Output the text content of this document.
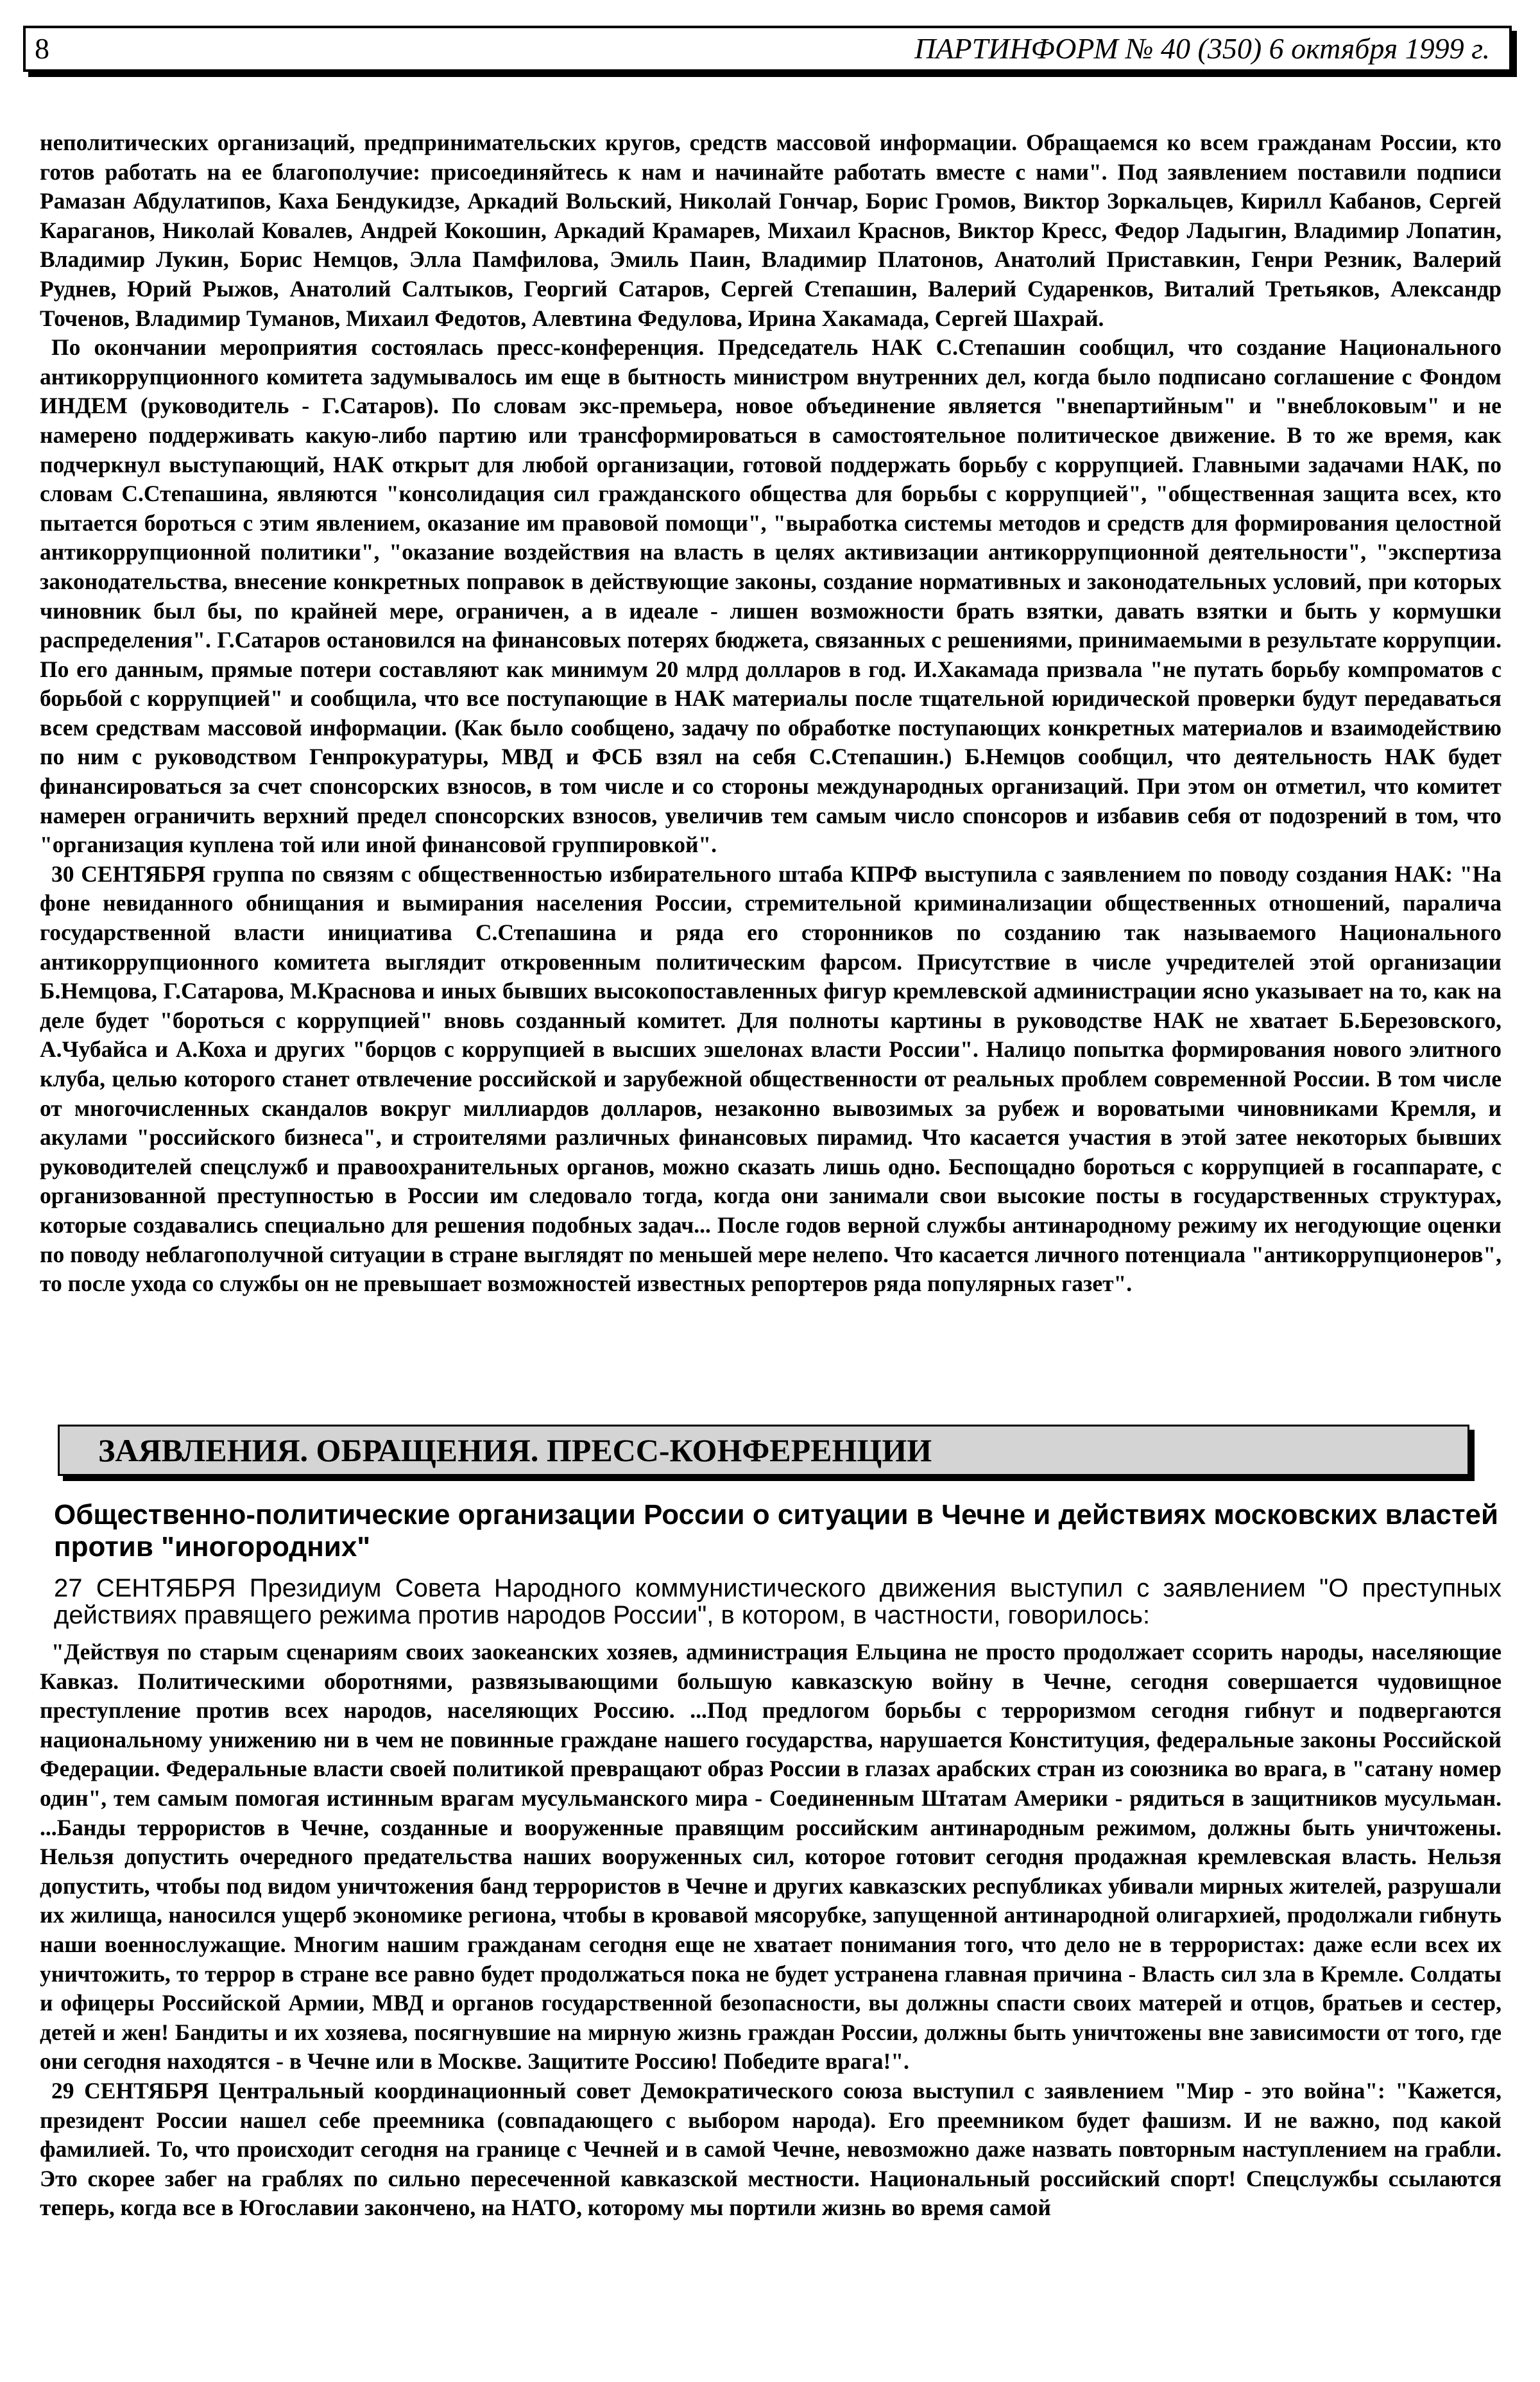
8	ПАРТИНФОРМ № 40 (350) 6 октября 1999 г.

неполитических организаций, предпринимательских кругов, средств массовой информации. Обращаемся ко всем гражданам России, кто готов работать на ее благополучие: присоединяйтесь к нам и начинайте работать вместе с нами". Под заявлением поставили подписи Рамазан Абдулатипов, Каха Бендукидзе, Аркадий Вольский, Николай Гончар, Борис Громов, Виктор Зоркальцев, Кирилл Кабанов, Сергей Караганов, Николай Ковалев, Андрей Кокошин, Аркадий Крамарев, Михаил Краснов, Виктор Кресс, Федор Ладыгин, Владимир Лопатин, Владимир Лукин, Борис Немцов, Элла Памфилова, Эмиль Паин, Владимир Платонов, Анатолий Приставкин, Генри Резник, Валерий Руднев, Юрий Рыжов, Анатолий Салтыков, Георгий Сатаров, Сергей Степашин, Валерий Сударенков, Виталий Третьяков, Александр Точенов, Владимир Туманов, Михаил Федотов, Алевтина Федулова, Ирина Хакамада, Сергей Шахрай.

По окончании мероприятия состоялась пресс-конференция. Председатель НАК С.Степашин сообщил, что создание Национального антикоррупционного комитета задумывалось им еще в бытность министром внутренних дел, когда было подписано соглашение с Фондом ИНДЕМ (руководитель - Г.Сатаров). По словам экс-премьера, новое объединение является "внепартийным" и "внеблоковым" и не намерено поддерживать какую-либо партию или трансформироваться в самостоятельное политическое движение. В то же время, как подчеркнул выступающий, НАК открыт для любой организации, готовой поддержать борьбу с коррупцией. Главными задачами НАК, по словам С.Степашина, являются "консолидация сил гражданского общества для борьбы с коррупцией", "общественная защита всех, кто пытается бороться с этим явлением, оказание им правовой помощи", "выработка системы методов и средств для формирования целостной антикоррупционной политики", "оказание воздействия на власть в целях активизации антикоррупционной деятельности", "экспертиза законодательства, внесение конкретных поправок в действующие законы, создание нормативных и законодательных условий, при которых чиновник был бы, по крайней мере, ограничен, а в идеале - лишен возможности брать взятки, давать взятки и быть у кормушки распределения". Г.Сатаров остановился на финансовых потерях бюджета, связанных с решениями, принимаемыми в результате коррупции. По его данным, прямые потери составляют как минимум 20 млрд долларов в год. И.Хакамада призвала "не путать борьбу компроматов с борьбой с коррупцией" и сообщила, что все поступающие в НАК материалы после тщательной юридической проверки будут передаваться всем средствам массовой информации. (Как было сообщено, задачу по обработке поступающих конкретных материалов и взаимодействию по ним с руководством Генпрокуратуры, МВД и ФСБ взял на себя С.Степашин.) Б.Немцов сообщил, что деятельность НАК будет финансироваться за счет спонсорских взносов, в том числе и со стороны международных организаций. При этом он отметил, что комитет намерен ограничить верхний предел спонсорских взносов, увеличив тем самым число спонсоров и избавив себя от подозрений в том, что "организация куплена той или иной финансовой группировкой".

30 СЕНТЯБРЯ группа по связям с общественностью избирательного штаба КПРФ выступила с заявлением по поводу создания НАК: "На фоне невиданного обнищания и вымирания населения России, стремительной криминализации общественных отношений, паралича государственной власти инициатива С.Степашина и ряда его сторонников по созданию так называемого Национального антикоррупционного комитета выглядит откровенным политическим фарсом. Присутствие в числе учредителей этой организации Б.Немцова, Г.Сатарова, М.Краснова и иных бывших высокопоставленных фигур кремлевской администрации ясно указывает на то, как на деле будет "бороться с коррупцией" вновь созданный комитет. Для полноты картины в руководстве НАК не хватает Б.Березовского, А.Чубайса и А.Коха и других "борцов с коррупцией в высших эшелонах власти России". Налицо попытка формирования нового элитного клуба, целью которого станет отвлечение российской и зарубежной общественности от реальных проблем современной России. В том числе от многочисленных скандалов вокруг миллиардов долларов, незаконно вывозимых за рубеж и вороватыми чиновниками Кремля, и акулами "российского бизнеса", и строителями различных финансовых пирамид. Что касается участия в этой затее некоторых бывших руководителей спецслужб и правоохранительных органов, можно сказать лишь одно. Беспощадно бороться с коррупцией в госаппарате, с организованной преступностью в России им следовало тогда, когда они занимали свои высокие посты в государственных структурах, которые создавались специально для решения подобных задач... После годов верной службы антинародному режиму их негодующие оценки по поводу неблагополучной ситуации в стране выглядят по меньшей мере нелепо. Что касается личного потенциала "антикоррупционеров", то после ухода со службы он не превышает возможностей известных репортеров ряда популярных газет".

ЗАЯВЛЕНИЯ. ОБРАЩЕНИЯ. ПРЕСС-КОНФЕРЕНЦИИ
Общественно-политические организации России о ситуации в Чечне и действиях московских властей против "иногородних"

27 СЕНТЯБРЯ Президиум Совета Народного коммунистического движения выступил с заявлением "О преступных действиях правящего режима против народов России", в котором, в частности, говорилось:

"Действуя по старым сценариям своих заокеанских хозяев, администрация Ельцина не просто продолжает ссорить народы, населяющие Кавказ. Политическими оборотнями, развязывающими большую кавказскую войну в Чечне, сегодня совершается чудовищное преступление против всех народов, населяющих Россию. ...Под предлогом борьбы с терроризмом сегодня гибнут и подвергаются национальному унижению ни в чем не повинные граждане нашего государства, нарушается Конституция, федеральные законы Российской Федерации. Федеральные власти своей политикой превращают образ России в глазах арабских стран из союзника во врага, в "сатану номер один", тем самым помогая истинным врагам мусульманского мира - Соединенным Штатам Америки - рядиться в защитников мусульман. ...Банды террористов в Чечне, созданные и вооруженные правящим российским антинародным режимом, должны быть уничтожены. Нельзя допустить очередного предательства наших вооруженных сил, которое готовит сегодня продажная кремлевская власть. Нельзя допустить, чтобы под видом уничтожения банд террористов в Чечне и других кавказских республиках убивали мирных жителей, разрушали их жилища, наносился ущерб экономике региона, чтобы в кровавой мясорубке, запущенной антинародной олигархией, продолжали гибнуть наши военнослужащие. Многим нашим гражданам сегодня еще не хватает понимания того, что дело не в террористах: даже если всех их уничтожить, то террор в стране все равно будет продолжаться пока не будет устранена главная причина - Власть сил зла в Кремле. Солдаты и офицеры Российской Армии, МВД и органов государственной безопасности, вы должны спасти своих матерей и отцов, братьев и сестер, детей и жен! Бандиты и их хозяева, посягнувшие на мирную жизнь граждан России, должны быть уничтожены вне зависимости от того, где они сегодня находятся - в Чечне или в Москве. Защитите Россию! Победите врага!".

29 СЕНТЯБРЯ Центральный координационный совет Демократического союза выступил с заявлением "Мир - это война": "Кажется, президент России нашел себе преемника (совпадающего с выбором народа). Его преемником будет фашизм. И не важно, под какой фамилией. То, что происходит сегодня на границе с Чечней и в самой Чечне, невозможно даже назвать повторным наступлением на грабли. Это скорее забег на граблях по сильно пересеченной кавказской местности. Национальный российский спорт! Спецслужбы ссылаются теперь, когда все в Югославии закончено, на НАТО, которому мы портили жизнь во время самой
